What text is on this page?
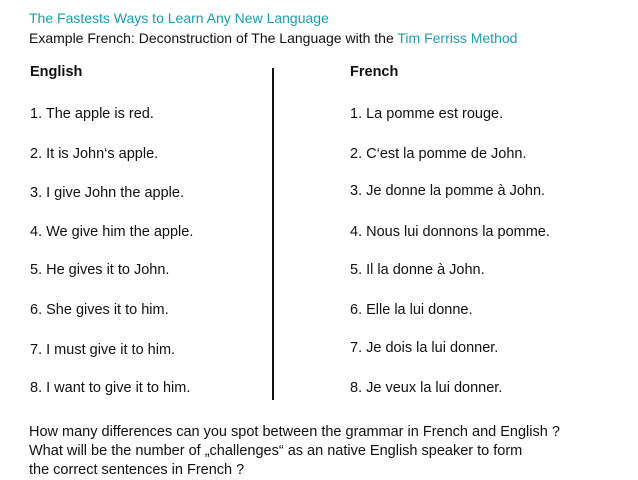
The Fastests Ways to Learn Any New Language
Example French: Deconstruction of The Language with the Tim Ferriss Method
English	French
1. The apple is red.	1. La pomme est rouge.
2. It is John‘s apple.	2. C‘est la pomme de John.
3. I give John the apple.	3. Je donne la pomme à John.
4. We give him the apple.	4. Nous lui donnons la pomme.
5. He gives it to John.	5. Il la donne à John.
6. She gives it to him.	6. Elle la lui donne.
7. I must give it to him.	7. Je dois la lui donner.
8. I want to give it to him.	8. Je veux la lui donner.
How many differences can you spot between the grammar in French and English ?
What will be the number of „challenges“ as an native English speaker to form
the correct sentences in French ?
